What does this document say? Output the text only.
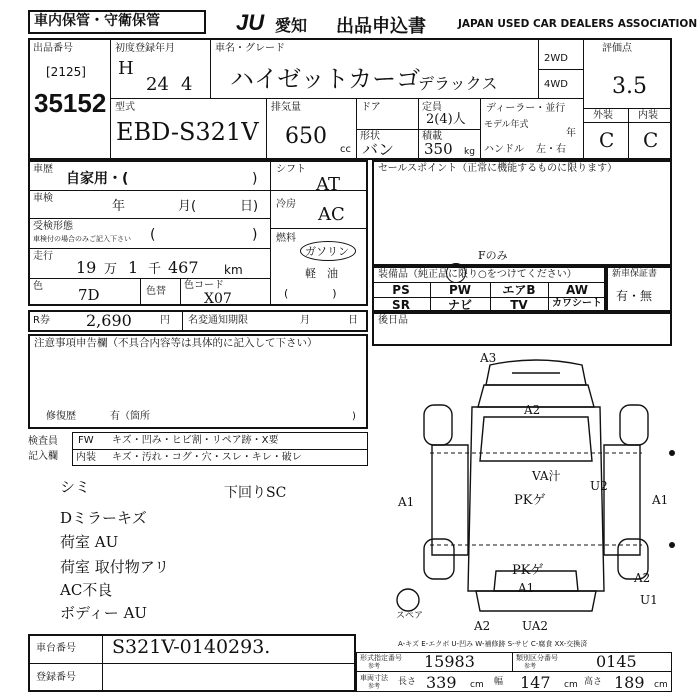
車内保管・守衛保管	JU 愛知 出品申込書	JAPAN USED CAR DEALERS ASSOCIATION
出品番号
[2125]
35152
初度登録年月
H
24 4
車名・グレード
ハイゼットカーゴ
デラックス
2WD
4WD
評価点
3.5
外装	内装
C C
型式
EBD-S321V
排気量
650
cc
ドア
形状
バン
定員
2(4)人
積載
350 kg
ディーラー・並行
モデル年式
年
ハンドル 左・右
車歴
自家用・(	)
車検
年	月(	日)
受検形態
車検付の場合のみご記入下さい (	)
走行
19 万 1 千 467 km
色 7D	色替
色コード
X07
シフト
AT
冷房 AC
燃料
ガソリン
軽　油
(　　　　)
R券 2,690	円 名変通知期限	月	日
注意事項申告欄（不具合内容等は具体的に記入して下さい）
修復歴	有（箇所	)
検査員
記入欄
FW キズ・凹み・ヒビ割・リペア跡・X要
内装 キズ・汚れ・コグ・穴・スレ・キレ・破レ
下回りSC
シミ
Dミラーキズ
荷室 AU
荷室 取付物アリ
AC不良
ボディー AU
セールスポイント（正常に機能するものに限ります）
Fのみ
装備品（純正品に限り○をつけてください）
PS	PW	エアB	AW
SR	ナビ	TV	カワシート
新車保証書
有・無
後日品
A3
A2
VA汁
PKゲ
U2
A1	A1
PKゲ
A1
A2
U1
スペア
A2	UA2
A-キズ E-エクボ U-凹み W-補修跡 S-サビ C-腐食 XX-交換済
車台番号 S321V-0140293.
登録番号
形式指定番号
参考	15983	類別区分番号
参考	0145
車両寸法
参考 長さ 339 cm 幅 147 cm 高さ 189 cm
